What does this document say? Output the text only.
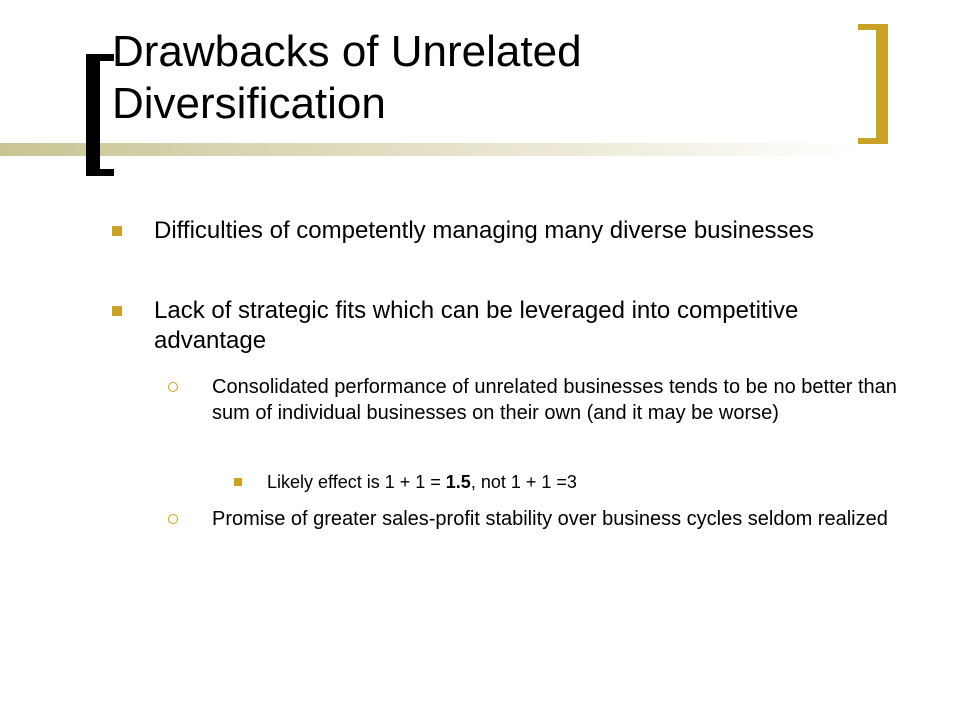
Drawbacks of Unrelated Diversification
Difficulties of competently managing many diverse businesses
Lack of strategic fits which can be leveraged into competitive advantage
Consolidated performance of unrelated businesses tends to be no better than sum of individual businesses on their own (and it may be worse)
Likely effect is 1 + 1 = 1.5, not 1 + 1 =3
Promise of greater sales-profit stability over business cycles seldom realized
